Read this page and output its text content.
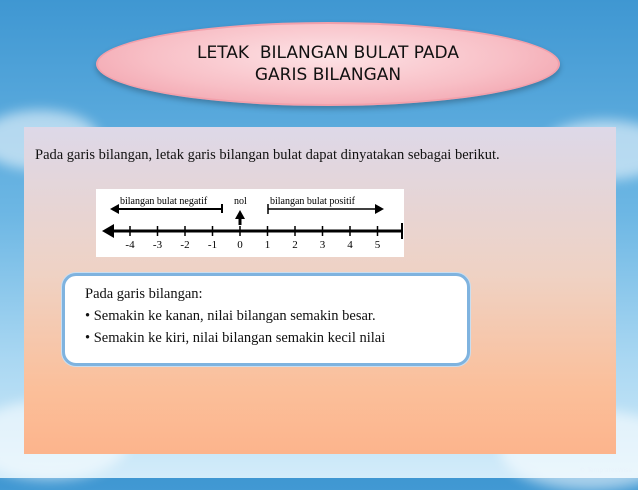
LETAK  BILANGAN BULAT PADA
GARIS BILANGAN
Pada garis bilangan, letak garis bilangan bulat dapat dinyatakan sebagai berikut.
bilangan bulat negatif	nol bilangan bulat positif
-4 -3 -2 -1 0 1 2 3 4 5
Pada garis bilangan:
• Semakin ke kanan, nilai bilangan semakin besar.
• Semakin ke kiri, nilai bilangan semakin kecil nilai
© TemplatesWise
